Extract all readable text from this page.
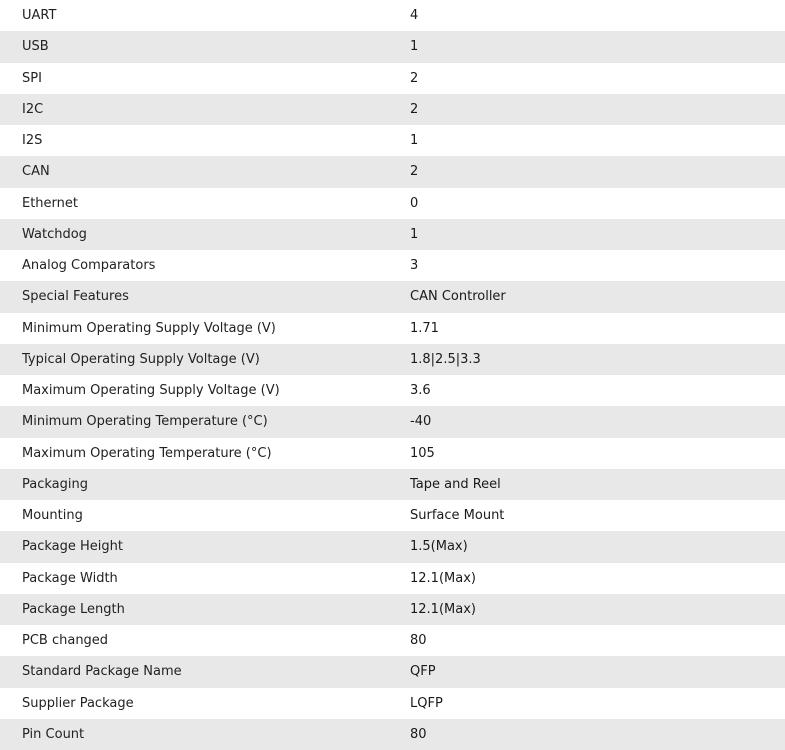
UART	4
USB	1
SPI	2
I2C	2
I2S	1
CAN	2
Ethernet	0
Watchdog	1
Analog Comparators	3
Special Features	CAN Controller
Minimum Operating Supply Voltage (V)	1.71
Typical Operating Supply Voltage (V)	1.8|2.5|3.3
Maximum Operating Supply Voltage (V)	3.6
Minimum Operating Temperature (°C)	-40
Maximum Operating Temperature (°C)	105
Packaging	Tape and Reel
Mounting	Surface Mount
Package Height	1.5(Max)
Package Width	12.1(Max)
Package Length	12.1(Max)
PCB changed	80
Standard Package Name	QFP
Supplier Package	LQFP
Pin Count	80
